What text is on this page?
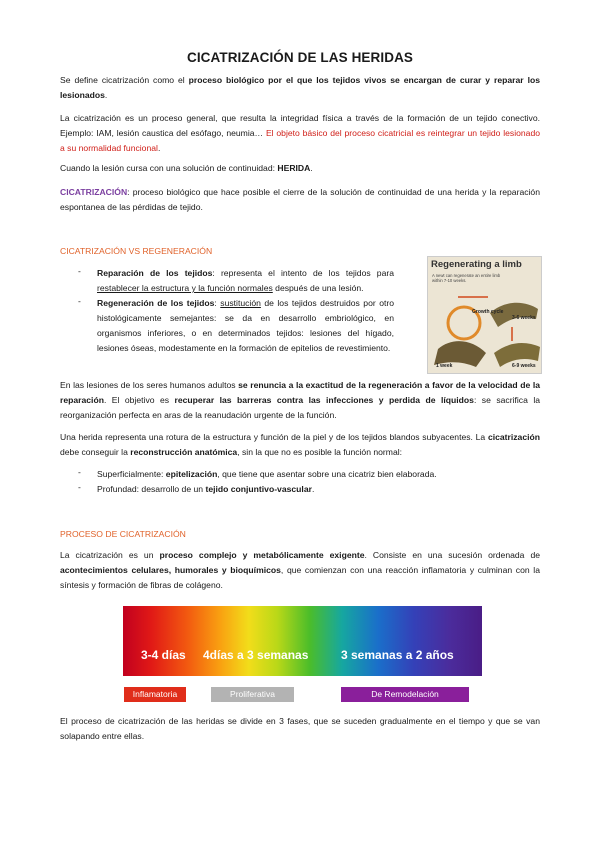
CICATRIZACIÓN DE LAS HERIDAS
Se define cicatrización como el proceso biológico por el que los tejidos vivos se encargan de curar y reparar los lesionados.
La cicatrización es un proceso general, que resulta la integridad física a través de la formación de un tejido conectivo. Ejemplo: IAM, lesión caustica del esófago, neumia… El objeto básico del proceso cicatricial es reintegrar un tejido lesionado a su normalidad funcional.
Cuando la lesión cursa con una solución de continuidad: HERIDA.
CICATRIZACIÓN: proceso biológico que hace posible el cierre de la solución de continuidad de una herida y la reparación espontanea de las pérdidas de tejido.
CICATRIZACIÓN VS REGENERACIÓN
- Reparación de los tejidos: representa el intento de los tejidos para restablecer la estructura y la función normales después de una lesión.
- Regeneración de los tejidos: sustitución de los tejidos destruidos por otro histológicamente semejantes: se da en desarrollo embriológico, en organismos inferiores, o en determinados tejidos: lesiones del hígado, lesiones óseas, modestamente en la formación de epitelios de revestimiento.
Regenerating a limb
A newt can regenerate an entire limb within 7-10 weeks.
Growth cycle
3-6 weeks
1 week	6-9 weeks
En las lesiones de los seres humanos adultos se renuncia a la exactitud de la regeneración a favor de la velocidad de la reparación. El objetivo es recuperar las barreras contra las infecciones y perdida de líquidos: se sacrifica la reorganización perfecta en aras de la reanudación urgente de la función.
Una herida representa una rotura de la estructura y función de la piel y de los tejidos blandos subyacentes. La cicatrización debe conseguir la reconstrucción anatómica, sin la que no es posible la función normal:
- Superficialmente: epitelización, que tiene que asentar sobre una cicatriz bien elaborada.
- Profundad: desarrollo de un tejido conjuntivo-vascular.
PROCESO DE CICATRIZACIÓN
La cicatrización es un proceso complejo y metabólicamente exigente. Consiste en una sucesión ordenada de acontecimientos celulares, humorales y bioquímicos, que comienzan con una reacción inflamatoria y culminan con la síntesis y formación de fibras de colágeno.
3-4 días 4días a 3 semanas	3 semanas a 2 años
Inflamatoria	Proliferativa	De Remodelación
El proceso de cicatrización de las heridas se divide en 3 fases, que se suceden gradualmente en el tiempo y que se van solapando entre ellas.
